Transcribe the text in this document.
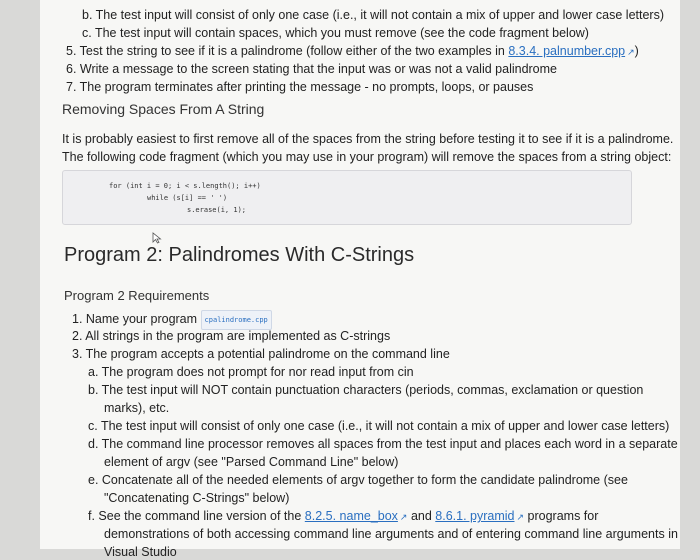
b. The test input will consist of only one case (i.e., it will not contain a mix of upper and lower case letters)
c. The test input will contain spaces, which you must remove (see the code fragment below)
5. Test the string to see if it is a palindrome (follow either of the two examples in 8.3.4. palnumber.cpp ↗)
6. Write a message to the screen stating that the input was or was not a valid palindrome
7. The program terminates after printing the message - no prompts, loops, or pauses
Removing Spaces From A String
It is probably easiest to first remove all of the spaces from the string before testing it to see if it is a palindrome.
The following code fragment (which you may use in your program) will remove the spaces from a string object:
for (int i = 0; i < s.length(); i++)
while (s[i] == ' ')
s.erase(i, 1);
Program 2: Palindromes With C-Strings
Program 2 Requirements
1. Name your program cpalindrome.cpp
2. All strings in the program are implemented as C-strings
3. The program accepts a potential palindrome on the command line
a. The program does not prompt for nor read input from cin
b. The test input will NOT contain punctuation characters (periods, commas, exclamation or question
marks), etc.
c. The test input will consist of only one case (i.e., it will not contain a mix of upper and lower case letters)
d. The command line processor removes all spaces from the test input and places each word in a separate
element of argv (see "Parsed Command Line" below)
e. Concatenate all of the needed elements of argv together to form the candidate palindrome (see
"Concatenating C-Strings" below)
f. See the command line version of the 8.2.5. name_box ↗ and 8.6.1. pyramid ↗ programs for
demonstrations of both accessing command line arguments and of entering command line arguments in
Visual Studio
